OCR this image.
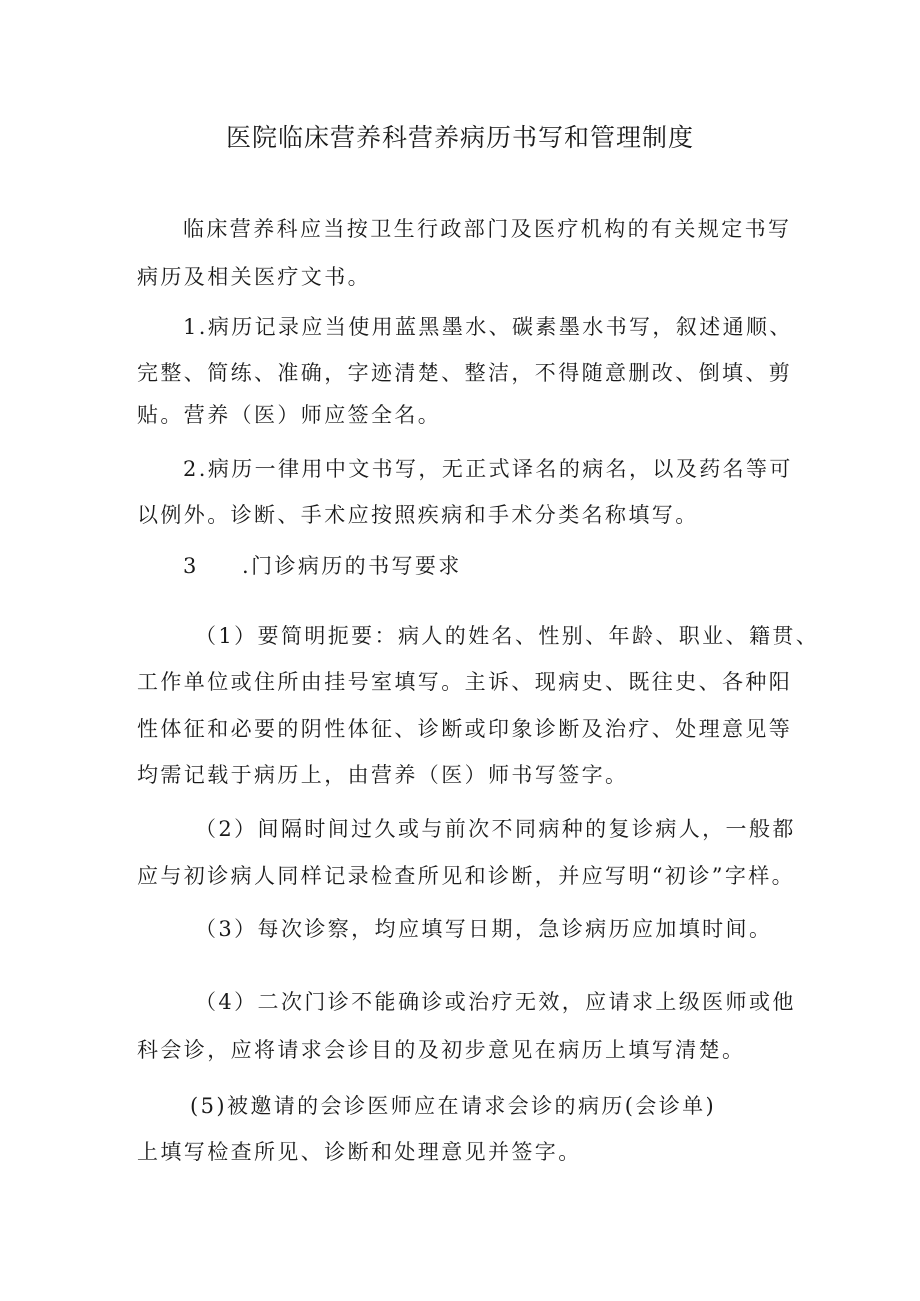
医院临床营养科营养病历书写和管理制度
临床营养科应当按卫生行政部门及医疗机构的有关规定书写
病历及相关医疗文书。
1.病历记录应当使用蓝黑墨水、碳素墨水书写，叙述通顺、
完整、简练、准确，字迹清楚、整洁，不得随意删改、倒填、剪
贴。营养（医）师应签全名。
2.病历一律用中文书写，无正式译名的病名，以及药名等可
以例外。诊断、手术应按照疾病和手术分类名称填写。
3 .门诊病历的书写要求
（1）要简明扼要：病人的姓名、性别、年龄、职业、籍贯、
工作单位或住所由挂号室填写。主诉、现病史、既往史、各种阳
性体征和必要的阴性体征、诊断或印象诊断及治疗、处理意见等
均需记载于病历上，由营养（医）师书写签字。
（2）间隔时间过久或与前次不同病种的复诊病人，一般都
应与初诊病人同样记录检查所见和诊断，并应写明“初诊”字样。
（3）每次诊察，均应填写日期，急诊病历应加填时间。
（4）二次门诊不能确诊或治疗无效，应请求上级医师或他
科会诊，应将请求会诊目的及初步意见在病历上填写清楚。
(5)被邀请的会诊医师应在请求会诊的病历(会诊单)
上填写检查所见、诊断和处理意见并签字。
